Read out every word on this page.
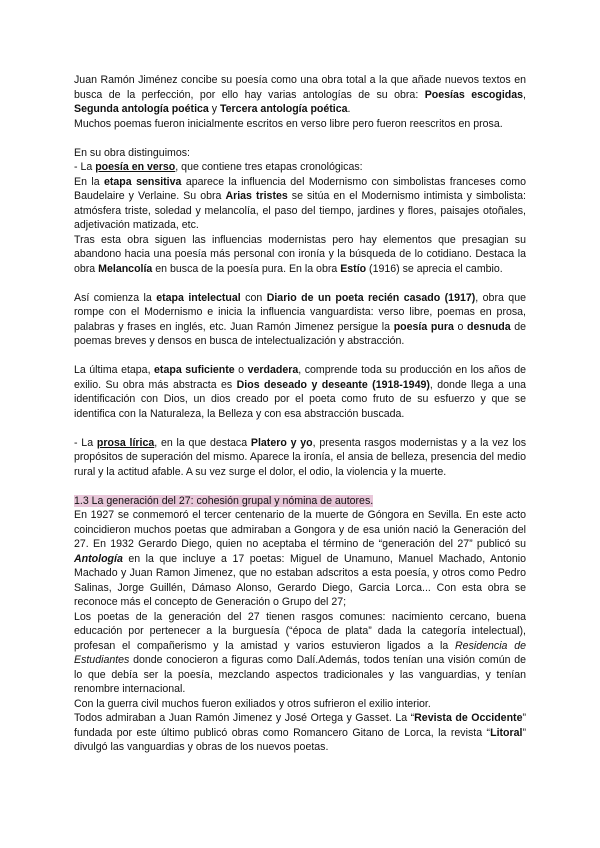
Juan Ramón Jiménez concibe su poesía como una obra total a la que añade nuevos textos en busca de la perfección, por ello hay varias antologías de su obra: Poesías escogidas, Segunda antología poética y Tercera antología poética.

Muchos poemas fueron inicialmente escritos en verso libre pero fueron reescritos en prosa.

En su obra distinguimos:

- La poesía en verso, que contiene tres etapas cronológicas:

En la etapa sensitiva aparece la influencia del Modernismo con simbolistas franceses como Baudelaire y Verlaine. Su obra Arias tristes se sitúa en el Modernismo intimista y simbolista: atmósfera triste, soledad y melancolía, el paso del tiempo, jardines y flores, paisajes otoñales, adjetivación matizada, etc.

Tras esta obra siguen las influencias modernistas pero hay elementos que presagian su abandono hacia una poesía más personal con ironía y la búsqueda de lo cotidiano. Destaca la obra Melancolía en busca de la poesía pura. En la obra Estío (1916) se aprecia el cambio.

Así comienza la etapa intelectual con Diario de un poeta recién casado (1917), obra que rompe con el Modernismo e inicia la influencia vanguardista: verso libre, poemas en prosa, palabras y frases en inglés, etc. Juan Ramón Jimenez persigue la poesía pura o desnuda de poemas breves y densos en busca de intelectualización y abstracción.

La última etapa, etapa suficiente o verdadera, comprende toda su producción en los años de exilio. Su obra más abstracta es Dios deseado y deseante (1918-1949), donde llega a una identificación con Dios, un dios creado por el poeta como fruto de su esfuerzo y que se identifica con la Naturaleza, la Belleza y con esa abstracción buscada.

- La prosa lírica, en la que destaca Platero y yo, presenta rasgos modernistas y a la vez los propósitos de superación del mismo. Aparece la ironía, el ansia de belleza, presencia del medio rural y la actitud afable. A su vez surge el dolor, el odio, la violencia y la muerte.

1.3 La generación del 27: cohesión grupal y nómina de autores.

En 1927 se conmemoró el tercer centenario de la muerte de Góngora en Sevilla. En este acto coincidieron muchos poetas que admiraban a Gongora y de esa unión nació la Generación del 27. En 1932 Gerardo Diego, quien no aceptaba el término de “generación del 27” publicó su Antología en la que incluye a 17 poetas: Miguel de Unamuno, Manuel Machado, Antonio Machado y Juan Ramon Jimenez, que no estaban adscritos a esta poesía, y otros como Pedro Salinas, Jorge Guillén, Dámaso Alonso, Gerardo Diego, Garcia Lorca... Con esta obra se reconoce más el concepto de Generación o Grupo del 27;

Los poetas de la generación del 27 tienen rasgos comunes: nacimiento cercano, buena educación por pertenecer a la burguesía (“época de plata” dada la categoría intelectual), profesan el compañerismo y la amistad y varios estuvieron ligados a la Residencia de Estudiantes donde conocieron a figuras como Dalí.Además, todos tenían una visión común de lo que debía ser la poesía, mezclando aspectos tradicionales y las vanguardias, y tenían renombre internacional.

Con la guerra civil muchos fueron exiliados y otros sufrieron el exilio interior.

Todos admiraban a Juan Ramón Jimenez y José Ortega y Gasset. La “Revista de Occidente” fundada por este último publicó obras como Romancero Gitano de Lorca, la revista “Litoral” divulgó las vanguardias y obras de los nuevos poetas.
